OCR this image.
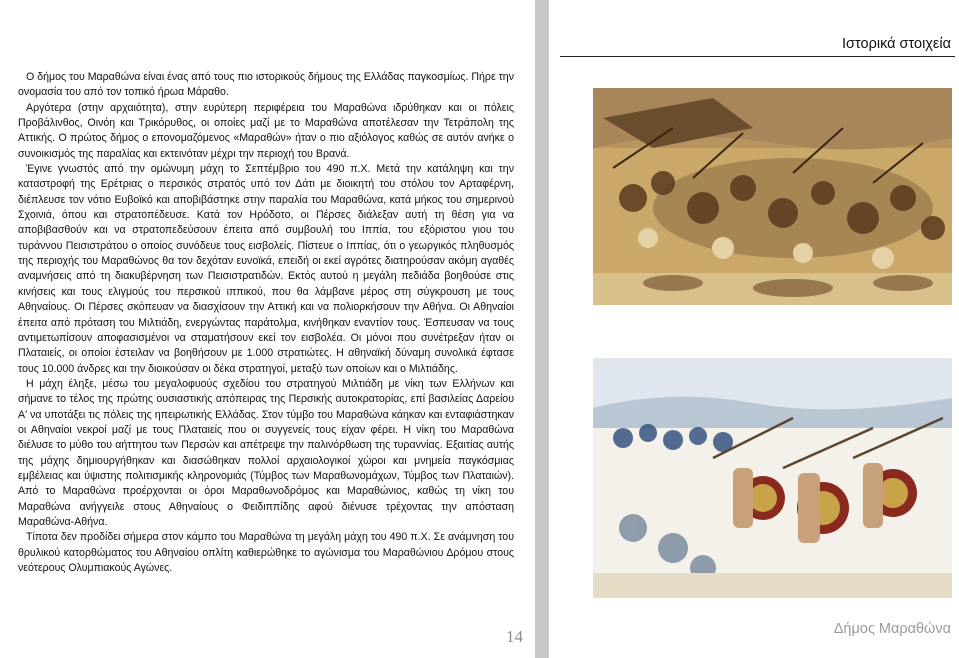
Ιστορικά στοιχεία

Ο δήμος του Μαραθώνα είναι ένας από τους πιο ιστορικούς δήμους της Ελλάδας παγκοσμίως. Πήρε την ονομασία του από τον τοπικό ήρωα Μάραθο.

Αργότερα (στην αρχαιότητα), στην ευρύτερη περιφέρεια του Μαραθώνα ιδρύθηκαν και οι πόλεις Προβάλινθος, Οινόη και Τρικόρυθος, οι οποίες μαζί με το Μαραθώνα αποτέλεσαν την Τετράπολη της Αττικής. Ο πρώτος δήμος ο επονομαζόμενος «Μαραθών» ήταν ο πιο αξιόλογος καθώς σε αυτόν ανήκε ο συνοικισμός της παραλίας και εκτεινόταν μέχρι την περιοχή του Βρανά.

Έγινε γνωστός από την ομώνυμη μάχη το Σεπτέμβριο του 490 π.Χ. Μετά την κατάληψη και την καταστροφή της Ερέτριας ο περσικός στρατός υπό τον Δάτι με διοικητή του στόλου τον Αρταφέρνη, διέπλευσε τον νότιο Ευβοϊκό και αποβιβάστηκε στην παραλία του Μαραθώνα, κατά μήκος του σημερινού Σχοινιά, όπου και στρατοπέδευσε. Κατά τον Ηρόδοτο, οι Πέρσες διάλεξαν αυτή τη θέση για να αποβιβασθούν και να στρατοπεδεύσουν έπειτα από συμβουλή του Ιππία, του εξόριστου γιου του τυράννου Πεισιστράτου ο οποίος συνόδευε τους εισβολείς. Πίστευε ο Ιππίας, ότι ο γεωργικός πληθυσμός της περιοχής του Μαραθώνος θα τον δεχόταν ευνοϊκά, επειδή οι εκεί αγρότες διατηρούσαν ακόμη αγαθές αναμνήσεις από τη διακυβέρνηση των Πεισιστρατιδών. Εκτός αυτού η μεγάλη πεδιάδα βοηθούσε στις κινήσεις και τους ελιγμούς του περσικού ιππικού, που θα λάμβανε μέρος στη σύγκρουση με τους Αθηναίους. Οι Πέρσες σκόπευαν να διασχίσουν την Αττική και να πολιορκήσουν την Αθήνα. Οι Αθηναίοι έπειτα από πρόταση του Μιλτιάδη, ενεργώντας παράτολμα, κινήθηκαν εναντίον τους. Έσπευσαν να τους αντιμετωπίσουν αποφασισμένοι να σταματήσουν εκεί τον εισβολέα. Οι μόνοι που συνέτρεξαν ήταν οι Πλαταιείς, οι οποίοι έστειλαν να βοηθήσουν με 1.000 στρατιώτες. Η αθηναϊκή δύναμη συνολικά έφτασε τους 10.000 άνδρες και την διοικούσαν οι δέκα στρατηγοί, μεταξύ των οποίων και ο Μιλτιάδης.

Η μάχη έληξε, μέσω του μεγαλοφυούς σχεδίου του στρατηγού Μιλτιάδη με νίκη των Ελλήνων και σήμανε το τέλος της πρώτης ουσιαστικής απόπειρας της Περσικής αυτοκρατορίας, επί βασιλείας Δαρείου Α' να υποτάξει τις πόλεις της ηπειρωτικής Ελλάδας. Στον τύμβο του Μαραθώνα κάηκαν και ενταφιάστηκαν οι Αθηναίοι νεκροί μαζί με τους Πλαταιείς που οι συγγενείς τους είχαν φέρει. Η νίκη του Μαραθώνα διέλυσε το μύθο του αήττητου των Περσών και απέτρεψε την παλινόρθωση της τυραννίας. Εξαιτίας αυτής της μάχης δημιουργήθηκαν και διασώθηκαν πολλοί αρχαιολογικοί χώροι και μνημεία παγκόσμιας εμβέλειας και ύψιστης πολιτισμικής κληρονομιάς (Τύμβος των Μαραθωνομάχων, Τύμβος των Πλαταιών). Από το Μαραθώνα προέρχονται οι όροι Μαραθωνοδρόμος και Μαραθώνιος, καθώς τη νίκη του Μαραθώνα ανήγγειλε στους Αθηναίους ο Φειδιππίδης αφού διένυσε τρέχοντας την απόσταση Μαραθώνα-Αθήνα.

Τίποτα δεν προδίδει σήμερα στον κάμπο του Μαραθώνα τη μεγάλη μάχη του 490 π.Χ. Σε ανάμνηση του θρυλικού κατορθώματος του Αθηναίου οπλίτη καθιερώθηκε το αγώνισμα του Μαραθώνιου Δρόμου στους νεότερους Ολυμπιακούς Αγώνες.

14	Δήμος Μαραθώνα
